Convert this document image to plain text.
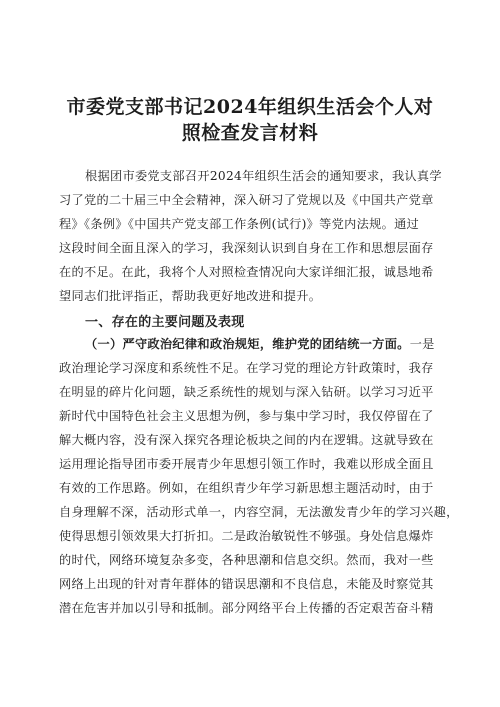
市委党支部书记2024年组织生活会个人对
照检查发言材料
根据团市委党支部召开2024年组织生活会的通知要求，我认真学
习了党的二十届三中全会精神，深入研习了党规以及《中国共产党章
程》《条例》《中国共产党支部工作条例(试行)》等党内法规。通过
这段时间全面且深入的学习，我深刻认识到自身在工作和思想层面存
在的不足。在此，我将个人对照检查情况向大家详细汇报，诚恳地希
望同志们批评指正，帮助我更好地改进和提升。
一、存在的主要问题及表现
（一）严守政治纪律和政治规矩，维护党的团结统一方面。一是
政治理论学习深度和系统性不足。在学习党的理论方针政策时，我存
在明显的碎片化问题，缺乏系统性的规划与深入钻研。以学习习近平
新时代中国特色社会主义思想为例，参与集中学习时，我仅停留在了
解大概内容，没有深入探究各理论板块之间的内在逻辑。这就导致在
运用理论指导团市委开展青少年思想引领工作时，我难以形成全面且
有效的工作思路。例如，在组织青少年学习新思想主题活动时，由于
自身理解不深，活动形式单一，内容空洞，无法激发青少年的学习兴趣，
使得思想引领效果大打折扣。二是政治敏锐性不够强。身处信息爆炸
的时代，网络环境复杂多变，各种思潮和信息交织。然而，我对一些
网络上出现的针对青年群体的错误思潮和不良信息，未能及时察觉其
潜在危害并加以引导和抵制。部分网络平台上传播的否定艰苦奋斗精
